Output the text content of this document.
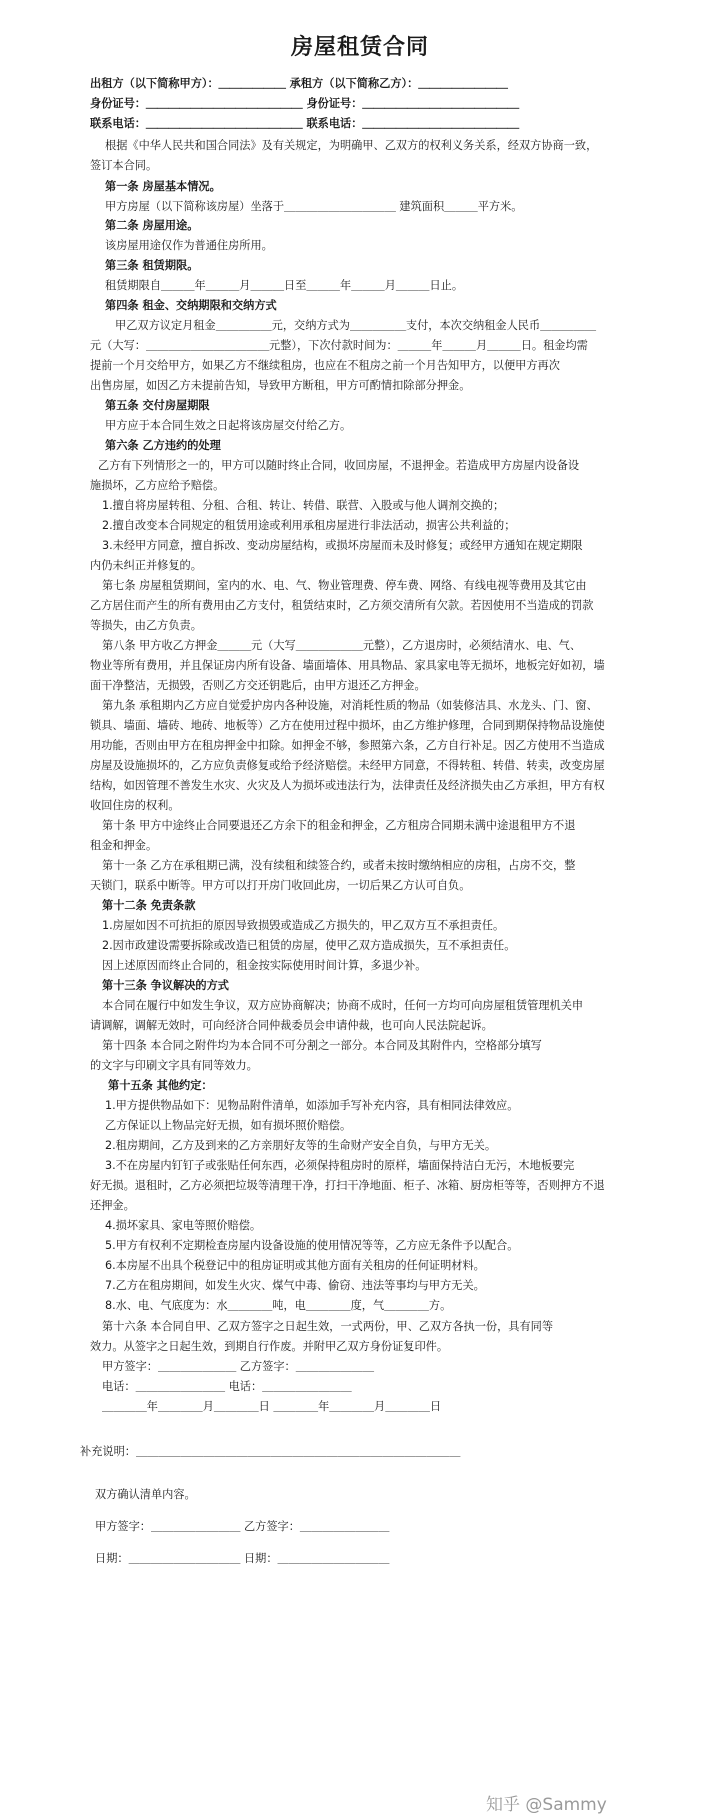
房屋租赁合同
出租方（以下简称甲方）：＿＿＿＿＿＿ 承租方（以下简称乙方）：＿＿＿＿＿＿＿＿
身份证号：＿＿＿＿＿＿＿＿＿＿＿＿＿＿ 身份证号：＿＿＿＿＿＿＿＿＿＿＿＿＿＿
联系电话：＿＿＿＿＿＿＿＿＿＿＿＿＿＿ 联系电话：＿＿＿＿＿＿＿＿＿＿＿＿＿＿
根据《中华人民共和国合同法》及有关规定，为明确甲、乙双方的权利义务关系，经双方协商一致，
签订本合同。
第一条 房屋基本情况。
甲方房屋（以下简称该房屋）坐落于＿＿＿＿＿＿＿＿＿＿ 建筑面积＿＿＿平方米。
第二条 房屋用途。
该房屋用途仅作为普通住房所用。
第三条 租赁期限。
租赁期限自＿＿＿年＿＿＿月＿＿＿日至＿＿＿年＿＿＿月＿＿＿日止。
第四条 租金、交纳期限和交纳方式
甲乙双方议定月租金＿＿＿＿＿元，交纳方式为＿＿＿＿＿支付，本次交纳租金人民币＿＿＿＿＿
元（大写：＿＿＿＿＿＿＿＿＿＿＿元整），下次付款时间为：＿＿＿年＿＿＿月＿＿＿日。租金均需
提前一个月交给甲方，如果乙方不继续租房，也应在不租房之前一个月告知甲方，以便甲方再次
出售房屋，如因乙方未提前告知，导致甲方断租，甲方可酌情扣除部分押金。
第五条 交付房屋期限
甲方应于本合同生效之日起将该房屋交付给乙方。
第六条 乙方违约的处理
乙方有下列情形之一的，甲方可以随时终止合同，收回房屋，不退押金。若造成甲方房屋内设备设
施损坏，乙方应给予赔偿。
1.擅自将房屋转租、分租、合租、转让、转借、联营、入股或与他人调剂交换的；
2.擅自改变本合同规定的租赁用途或利用承租房屋进行非法活动，损害公共利益的；
3.未经甲方同意，擅自拆改、变动房屋结构，或损坏房屋而未及时修复；或经甲方通知在规定期限
内仍未纠正并修复的。
第七条 房屋租赁期间，室内的水、电、气、物业管理费、停车费、网络、有线电视等费用及其它由
乙方居住而产生的所有费用由乙方支付，租赁结束时，乙方须交清所有欠款。若因使用不当造成的罚款
等损失，由乙方负责。
第八条 甲方收乙方押金＿＿＿元（大写＿＿＿＿＿＿元整），乙方退房时，必须结清水、电、气、
物业等所有费用，并且保证房内所有设备、墙面墙体、用具物品、家具家电等无损坏，地板完好如初，墙
面干净整洁，无损毁，否则乙方交还钥匙后，由甲方退还乙方押金。
第九条 承租期内乙方应自觉爱护房内各种设施，对消耗性质的物品（如装修洁具、水龙头、门、窗、
锁具、墙面、墙砖、地砖、地板等）乙方在使用过程中损坏，由乙方维护修理，合同到期保持物品设施使
用功能，否则由甲方在租房押金中扣除。如押金不够，参照第六条，乙方自行补足。因乙方使用不当造成
房屋及设施损坏的，乙方应负责修复或给予经济赔偿。未经甲方同意，不得转租、转借、转卖，改变房屋
结构，如因管理不善发生水灾、火灾及人为损坏或违法行为，法律责任及经济损失由乙方承担，甲方有权
收回住房的权利。
第十条 甲方中途终止合同要退还乙方余下的租金和押金，乙方租房合同期未满中途退租甲方不退
租金和押金。
第十一条 乙方在承租期已满，没有续租和续签合约，或者未按时缴纳相应的房租，占房不交，整
天锁门，联系中断等。甲方可以打开房门收回此房，一切后果乙方认可自负。
第十二条 免责条款
1.房屋如因不可抗拒的原因导致损毁或造成乙方损失的，甲乙双方互不承担责任。
2.因市政建设需要拆除或改造已租赁的房屋，使甲乙双方造成损失，互不承担责任。
因上述原因而终止合同的，租金按实际使用时间计算，多退少补。
第十三条 争议解决的方式
本合同在履行中如发生争议，双方应协商解决；协商不成时，任何一方均可向房屋租赁管理机关申
请调解，调解无效时，可向经济合同仲裁委员会申请仲裁，也可向人民法院起诉。
第十四条 本合同之附件均为本合同不可分割之一部分。本合同及其附件内，空格部分填写
的文字与印刷文字具有同等效力。
第十五条 其他约定：
1.甲方提供物品如下：见物品附件清单，如添加手写补充内容，具有相同法律效应。
乙方保证以上物品完好无损，如有损坏照价赔偿。
2.租房期间，乙方及到来的乙方亲朋好友等的生命财产安全自负，与甲方无关。
3.不在房屋内钉钉子或张贴任何东西，必须保持租房时的原样，墙面保持洁白无污，木地板要完
好无损。退租时，乙方必须把垃圾等清理干净，打扫干净地面、柜子、冰箱、厨房柜等等，否则押方不退
还押金。
4.损坏家具、家电等照价赔偿。
5.甲方有权利不定期检查房屋内设备设施的使用情况等等，乙方应无条件予以配合。
6.本房屋不出具个税登记中的租房证明或其他方面有关租房的任何证明材料。
7.乙方在租房期间，如发生火灾、煤气中毒、偷窃、违法等事均与甲方无关。
8.水、电、气底度为：水＿＿＿＿吨，电＿＿＿＿度，气＿＿＿＿方。
第十六条 本合同自甲、乙双方签字之日起生效，一式两份，甲、乙双方各执一份，具有同等
效力。从签字之日起生效，到期自行作废。并附甲乙双方身份证复印件。
甲方签字：＿＿＿＿＿＿＿ 乙方签字：＿＿＿＿＿＿＿
电话：＿＿＿＿＿＿＿＿ 电话：＿＿＿＿＿＿＿＿
＿＿＿＿年＿＿＿＿月＿＿＿＿日 ＿＿＿＿年＿＿＿＿月＿＿＿＿日
补充说明：＿＿＿＿＿＿＿＿＿＿＿＿＿＿＿＿＿＿＿＿＿＿＿＿＿＿＿＿＿
双方确认清单内容。
甲方签字：＿＿＿＿＿＿＿＿ 乙方签字：＿＿＿＿＿＿＿＿
日期：＿＿＿＿＿＿＿＿＿＿ 日期：＿＿＿＿＿＿＿＿＿＿
知乎 @Sammy
